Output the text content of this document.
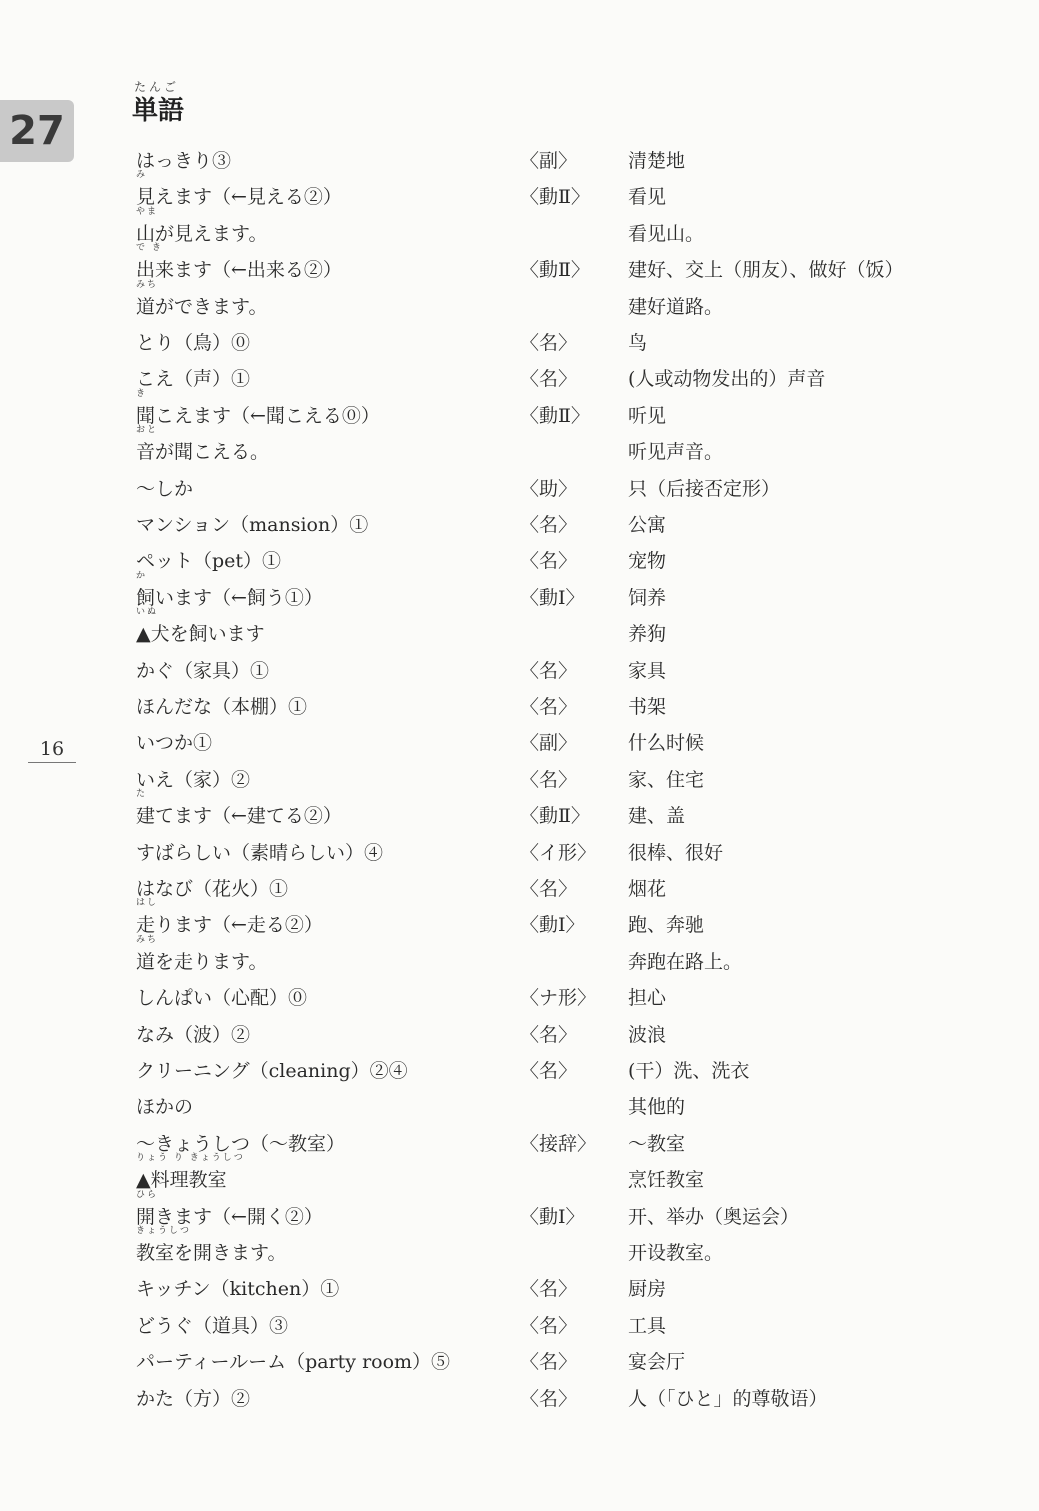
27
16
たんご
単語
はっきり③	〈副〉	清楚地
み
見えます（←見える②）	〈動Ⅱ〉 看见
やま
山が見えます。	看见山。
で き
出来ます（←出来る②）	〈動Ⅱ〉 建好、交上（朋友）、做好（饭）
みち
道ができます。	建好道路。
とり（鳥）⓪	〈名〉	鸟
こえ（声）①	〈名〉	(人或动物发出的）声音
き
聞こえます（←聞こえる⓪）	〈動Ⅱ〉 听见
おと
音が聞こえる。	听见声音。
～しか	〈助〉	只（后接否定形）
マンション（mansion）①	〈名〉	公寓
ペット（pet）①	〈名〉	宠物
か
飼います（←飼う①）	〈動Ⅰ〉 饲养
いぬ
▲犬を飼います	养狗
かぐ（家具）①	〈名〉	家具
ほんだな（本棚）①	〈名〉	书架
いつか①	〈副〉	什么时候
いえ（家）②	〈名〉	家、住宅
た
建てます（←建てる②）	〈動Ⅱ〉 建、盖
すばらしい（素晴らしい）④	〈イ形〉 很棒、很好
はなび（花火）①	〈名〉	烟花
はし
走ります（←走る②）	〈動Ⅰ〉 跑、奔驰
みち
道を走ります。	奔跑在路上。
しんぱい（心配）⓪	〈ナ形〉 担心
なみ（波）②	〈名〉	波浪
クリーニング（cleaning）②④	〈名〉	(干）洗、洗衣
ほかの	其他的
～きょうしつ（～教室）	〈接辞〉 ～教室
りょう り きょうしつ
▲料理教室	烹饪教室
ひら
開きます（←開く②）	〈動Ⅰ〉 开、举办（奥运会）
きょうしつ
教室を開きます。	开设教室。
キッチン（kitchen）①	〈名〉	厨房
どうぐ（道具）③	〈名〉	工具
パーティールーム（party room）⑤	〈名〉	宴会厅
かた（方）②	〈名〉	人（「ひと」的尊敬语）
